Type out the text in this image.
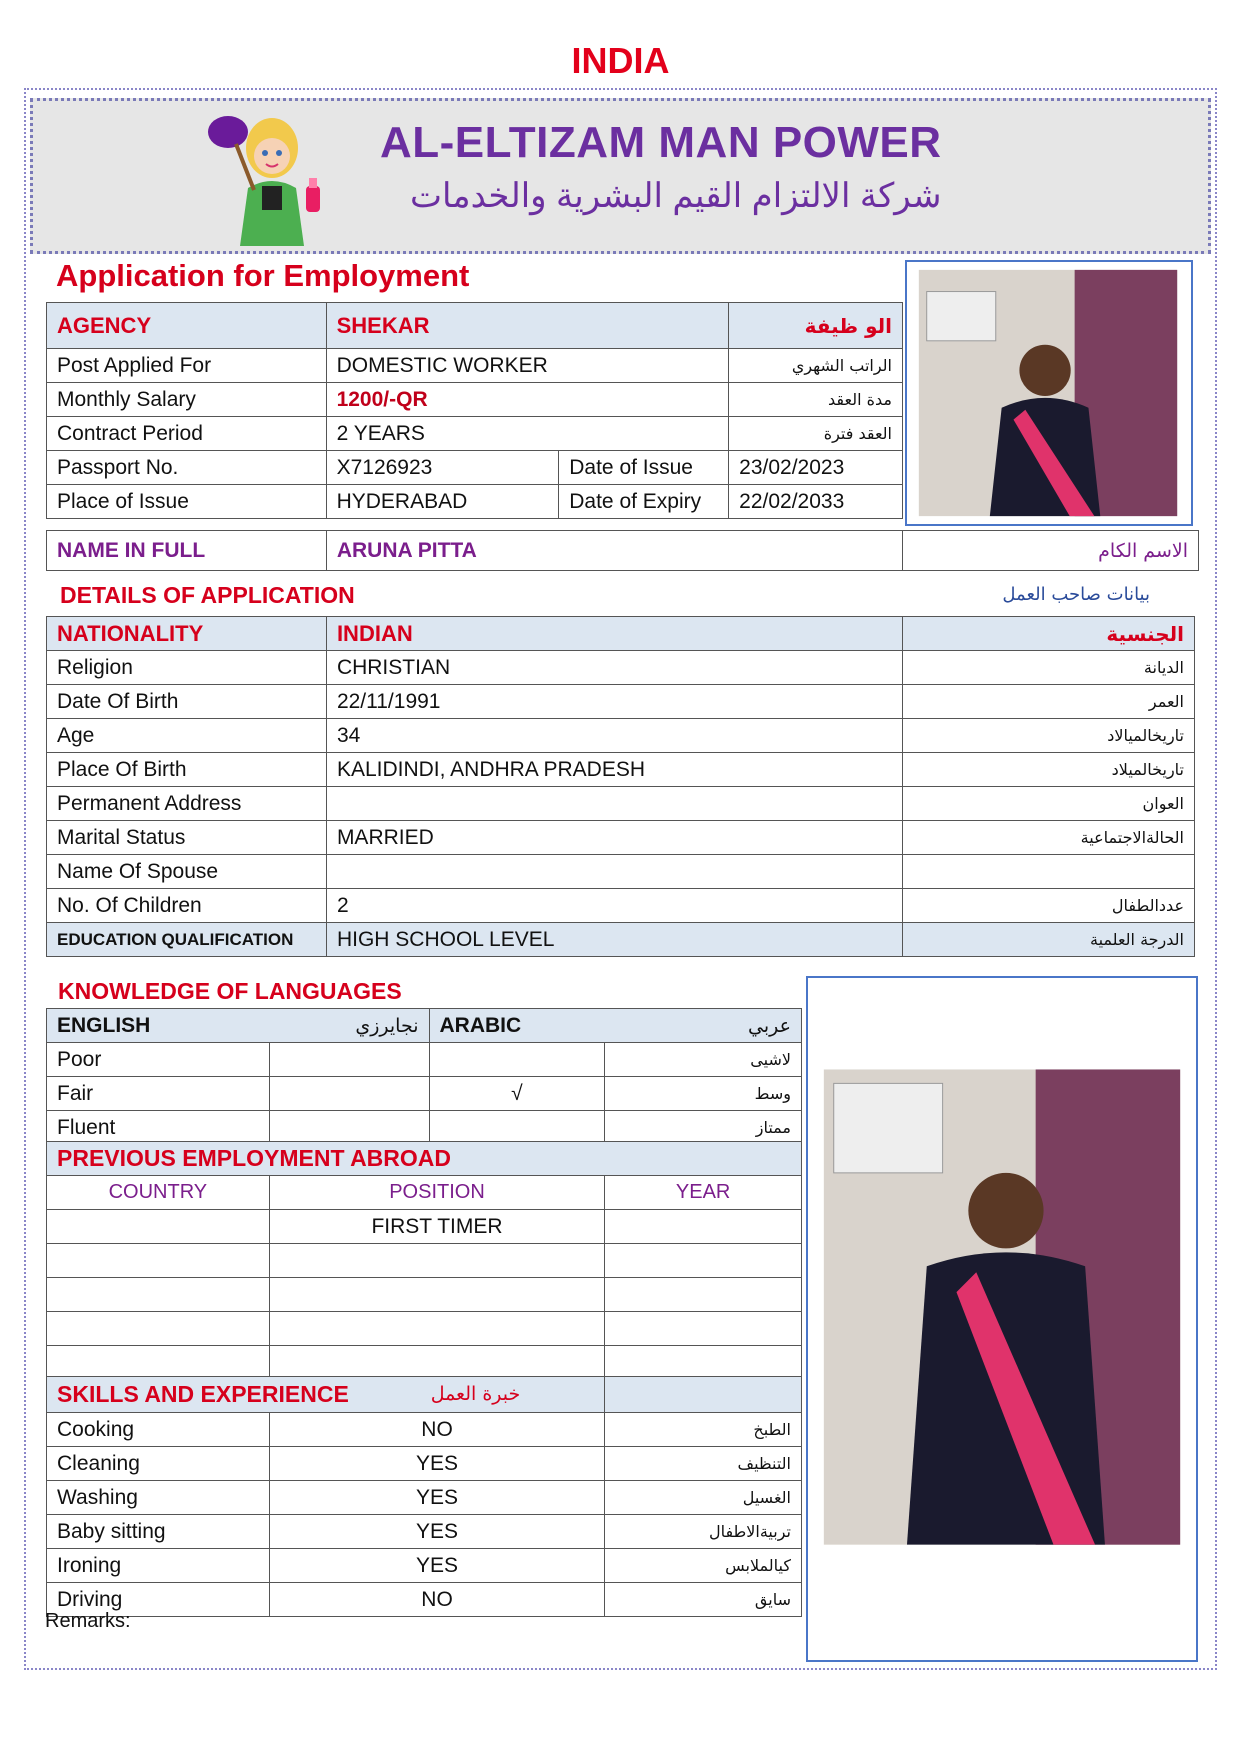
INDIA
AL-ELTIZAM MAN POWER
شركة الالتزام القيم البشرية والخدمات
Application for Employment
AGENCY	SHEKAR		الو ظيفة
Post Applied For	DOMESTIC WORKER		الراتب الشهري
Monthly Salary	1200/-QR		مدة العقد
Contract Period	2 YEARS		العقد فترة
Passport No.	X7126923	Date of Issue	23/02/2023
Place of Issue	HYDERABAD	Date of Expiry	22/02/2033
NAME IN FULL	ARUNA PITTA	الاسم الكام
DETAILS OF APPLICATION	بيانات صاحب العمل
NATIONALITY	INDIAN	الجنسية
Religion	CHRISTIAN	الديانة
Date Of Birth	22/11/1991	العمر
Age	34	تاريخالميالاد
Place Of Birth	KALIDINDI, ANDHRA PRADESH	تاريخالميلاد
Permanent Address		العوان
Marital Status	MARRIED	الحالةالاجتماعية
Name Of Spouse		
No. Of Children	2	عددالطفال
EDUCATION QUALIFICATION	HIGH SCHOOL LEVEL	الدرجة العلمية
KNOWLEDGE OF LANGUAGES
ENGLISH	نجايرزي	ARABIC	عربي
Poor			لاشيى
Fair		√	وسط
Fluent			ممتاز
PREVIOUS EMPLOYMENT ABROAD		
COUNTRY	POSITION	YEAR
	FIRST TIMER	

SKILLS AND EXPERIENCE خبرة العمل		

Cooking	NO	الطبخ
Cleaning	YES	التنظيف
Washing	YES	الغسيل
Baby sitting	YES	تربيةالاطفال
Ironing	YES	كيالملابس
Driving	NO	سايق
Remarks:
